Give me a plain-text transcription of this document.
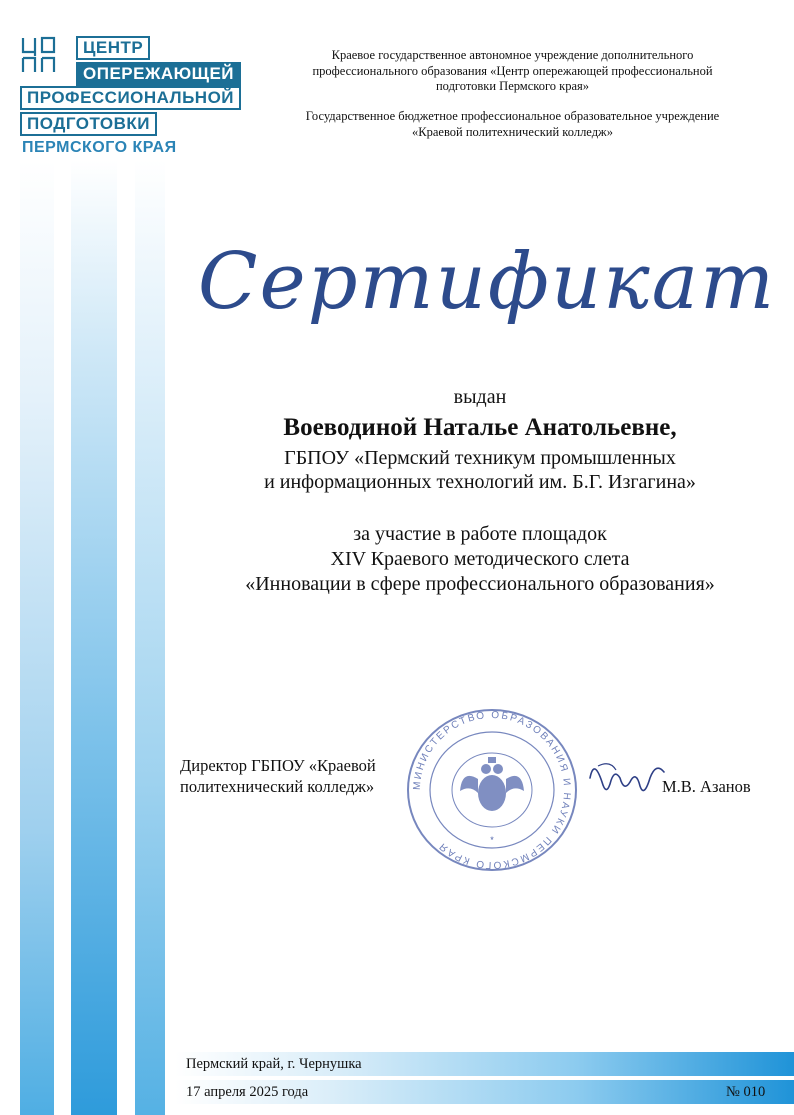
ЦЕНТР
ОПЕРЕЖАЮЩЕЙ
ПРОФЕССИОНАЛЬНОЙ
ПОДГОТОВКИ
ПЕРМСКОГО КРАЯ
Краевое государственное автономное учреждение дополнительного профессионального образования «Центр опережающей профессиональной подготовки Пермского края»
Государственное бюджетное профессиональное образовательное учреждение «Краевой политехнический колледж»
Сертификат
выдан
Воеводиной Наталье Анатольевне,
ГБПОУ «Пермский техникум промышленных
и информационных технологий им. Б.Г. Изгагина»
за участие в работе площадок
XIV Краевого методического слета
«Инновации в сфере профессионального образования»
Директор ГБПОУ «Краевой
политехнический колледж»	МИНИСТЕРСТВО ОБРАЗОВАНИЯ И НАУКИ ПЕРМСКОГО КРАЯ	*
М.В. Азанов
Пермский край, г. Чернушка
17 апреля 2025 года	№ 010
